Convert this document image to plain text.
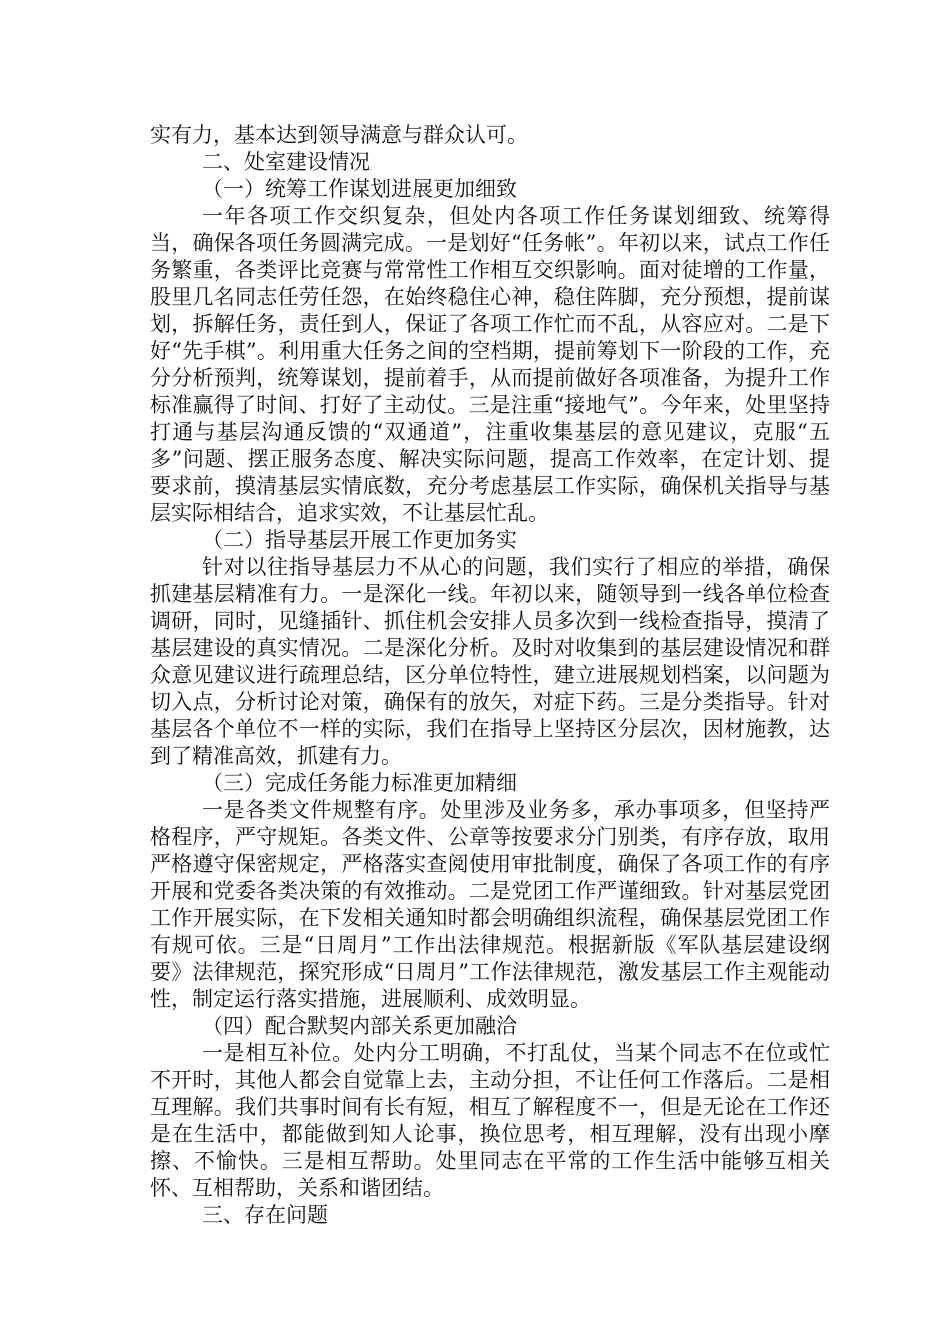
实有力，基本达到领导满意与群众认可。

二、处室建设情况

（一）统筹工作谋划进展更加细致

一年各项工作交织复杂，但处内各项工作任务谋划细致、统筹得当，确保各项任务圆满完成。一是划好“任务帐”。年初以来，试点工作任务繁重，各类评比竞赛与常常性工作相互交织影响。面对徒增的工作量，股里几名同志任劳任怨，在始终稳住心神，稳住阵脚，充分预想，提前谋划，拆解任务，责任到人，保证了各项工作忙而不乱，从容应对。二是下好“先手棋”。利用重大任务之间的空档期，提前筹划下一阶段的工作，充分分析预判，统筹谋划，提前着手，从而提前做好各项准备，为提升工作标准赢得了时间、打好了主动仗。三是注重“接地气”。今年来，处里坚持打通与基层沟通反馈的“双通道”，注重收集基层的意见建议，克服“五多”问题、摆正服务态度、解决实际问题，提高工作效率，在定计划、提要求前，摸清基层实情底数，充分考虑基层工作实际，确保机关指导与基层实际相结合，追求实效，不让基层忙乱。

（二）指导基层开展工作更加务实

针对以往指导基层力不从心的问题，我们实行了相应的举措，确保抓建基层精准有力。一是深化一线。年初以来，随领导到一线各单位检查调研，同时，见缝插针、抓住机会安排人员多次到一线检查指导，摸清了基层建设的真实情况。二是深化分析。及时对收集到的基层建设情况和群众意见建议进行疏理总结，区分单位特性，建立进展规划档案，以问题为切入点，分析讨论对策，确保有的放矢，对症下药。三是分类指导。针对基层各个单位不一样的实际，我们在指导上坚持区分层次，因材施教，达到了精准高效，抓建有力。

（三）完成任务能力标准更加精细

一是各类文件规整有序。处里涉及业务多，承办事项多，但坚持严格程序，严守规矩。各类文件、公章等按要求分门别类，有序存放，取用严格遵守保密规定，严格落实查阅使用审批制度，确保了各项工作的有序开展和党委各类决策的有效推动。二是党团工作严谨细致。针对基层党团工作开展实际，在下发相关通知时都会明确组织流程，确保基层党团工作有规可依。三是“日周月”工作出法律规范。根据新版《军队基层建设纲要》法律规范，探究形成“日周月”工作法律规范，激发基层工作主观能动性，制定运行落实措施，进展顺利、成效明显。

（四）配合默契内部关系更加融洽

一是相互补位。处内分工明确，不打乱仗，当某个同志不在位或忙不开时，其他人都会自觉靠上去，主动分担，不让任何工作落后。二是相互理解。我们共事时间有长有短，相互了解程度不一，但是无论在工作还是在生活中，都能做到知人论事，换位思考，相互理解，没有出现小摩擦、不愉快。三是相互帮助。处里同志在平常的工作生活中能够互相关怀、互相帮助，关系和谐团结。

三、存在问题
